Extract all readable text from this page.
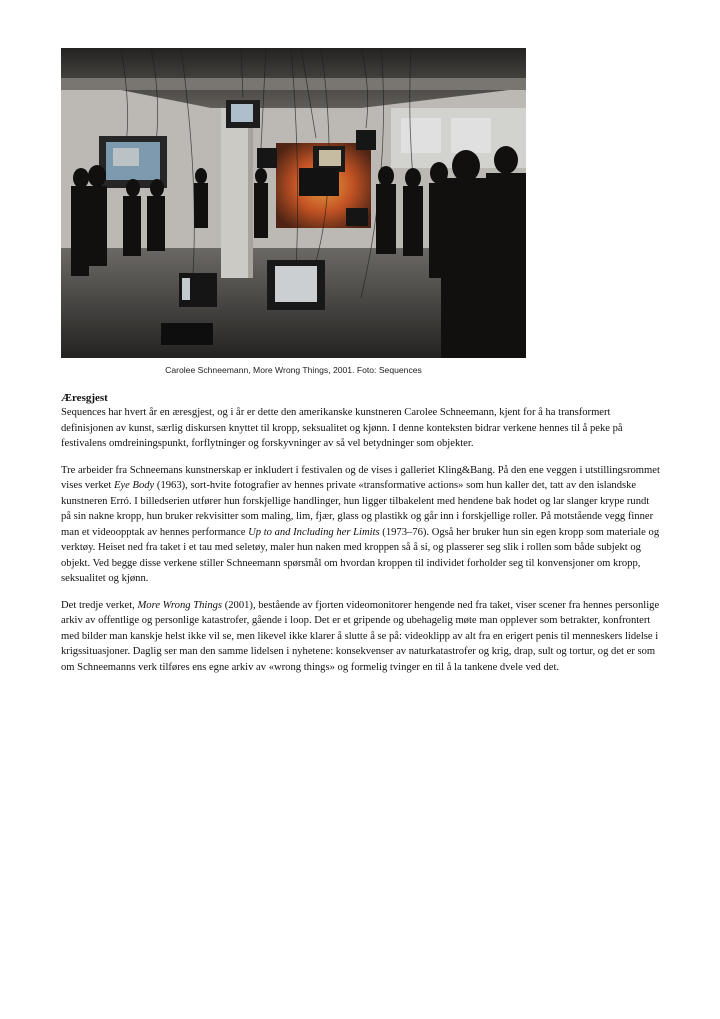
Carolee Schneemann, More Wrong Things, 2001. Foto: Sequences

Æresgjest

Sequences har hvert år en æresgjest, og i år er dette den amerikanske kunstneren Carolee Schneemann, kjent for å ha transformert definisjonen av kunst, særlig diskursen knyttet til kropp, seksualitet og kjønn. I denne konteksten bidrar verkene hennes til å peke på festivalens omdreiningspunkt, forflytninger og forskyvninger av så vel betydninger som objekter.

Tre arbeider fra Schneemans kunstnerskap er inkludert i festivalen og de vises i galleriet Kling&Bang. På den ene veggen i utstillingsrommet vises verket Eye Body (1963), sort-hvite fotografier av hennes private «transformative actions» som hun kaller det, tatt av den islandske kunstneren Erró. I billedserien utfører hun forskjellige handlinger, hun ligger tilbakelent med hendene bak hodet og lar slanger krype rundt på sin nakne kropp, hun bruker rekvisitter som maling, lim, fjær, glass og plastikk og går inn i forskjellige roller. På motstående vegg finner man et videoopptak av hennes performance Up to and Including her Limits (1973–76). Også her bruker hun sin egen kropp som materiale og verktøy. Heiset ned fra taket i et tau med seletøy, maler hun naken med kroppen så å si, og plasserer seg slik i rollen som både subjekt og objekt. Ved begge disse verkene stiller Schneemann spørsmål om hvordan kroppen til individet forholder seg til konvensjoner om kropp, seksualitet og kjønn.

Det tredje verket, More Wrong Things (2001), bestående av fjorten videomonitorer hengende ned fra taket, viser scener fra hennes personlige arkiv av offentlige og personlige katastrofer, gående i loop. Det er et gripende og ubehagelig møte man opplever som betrakter, konfrontert med bilder man kanskje helst ikke vil se, men likevel ikke klarer å slutte å se på: videoklipp av alt fra en erigert penis til menneskers lidelse i krigssituasjoner. Daglig ser man den samme lidelsen i nyhetene: konsekvenser av naturkatastrofer og krig, drap, sult og tortur, og det er som om Schneemanns verk tilføres ens egne arkiv av «wrong things» og formelig tvinger en til å la tankene dvele ved det.
